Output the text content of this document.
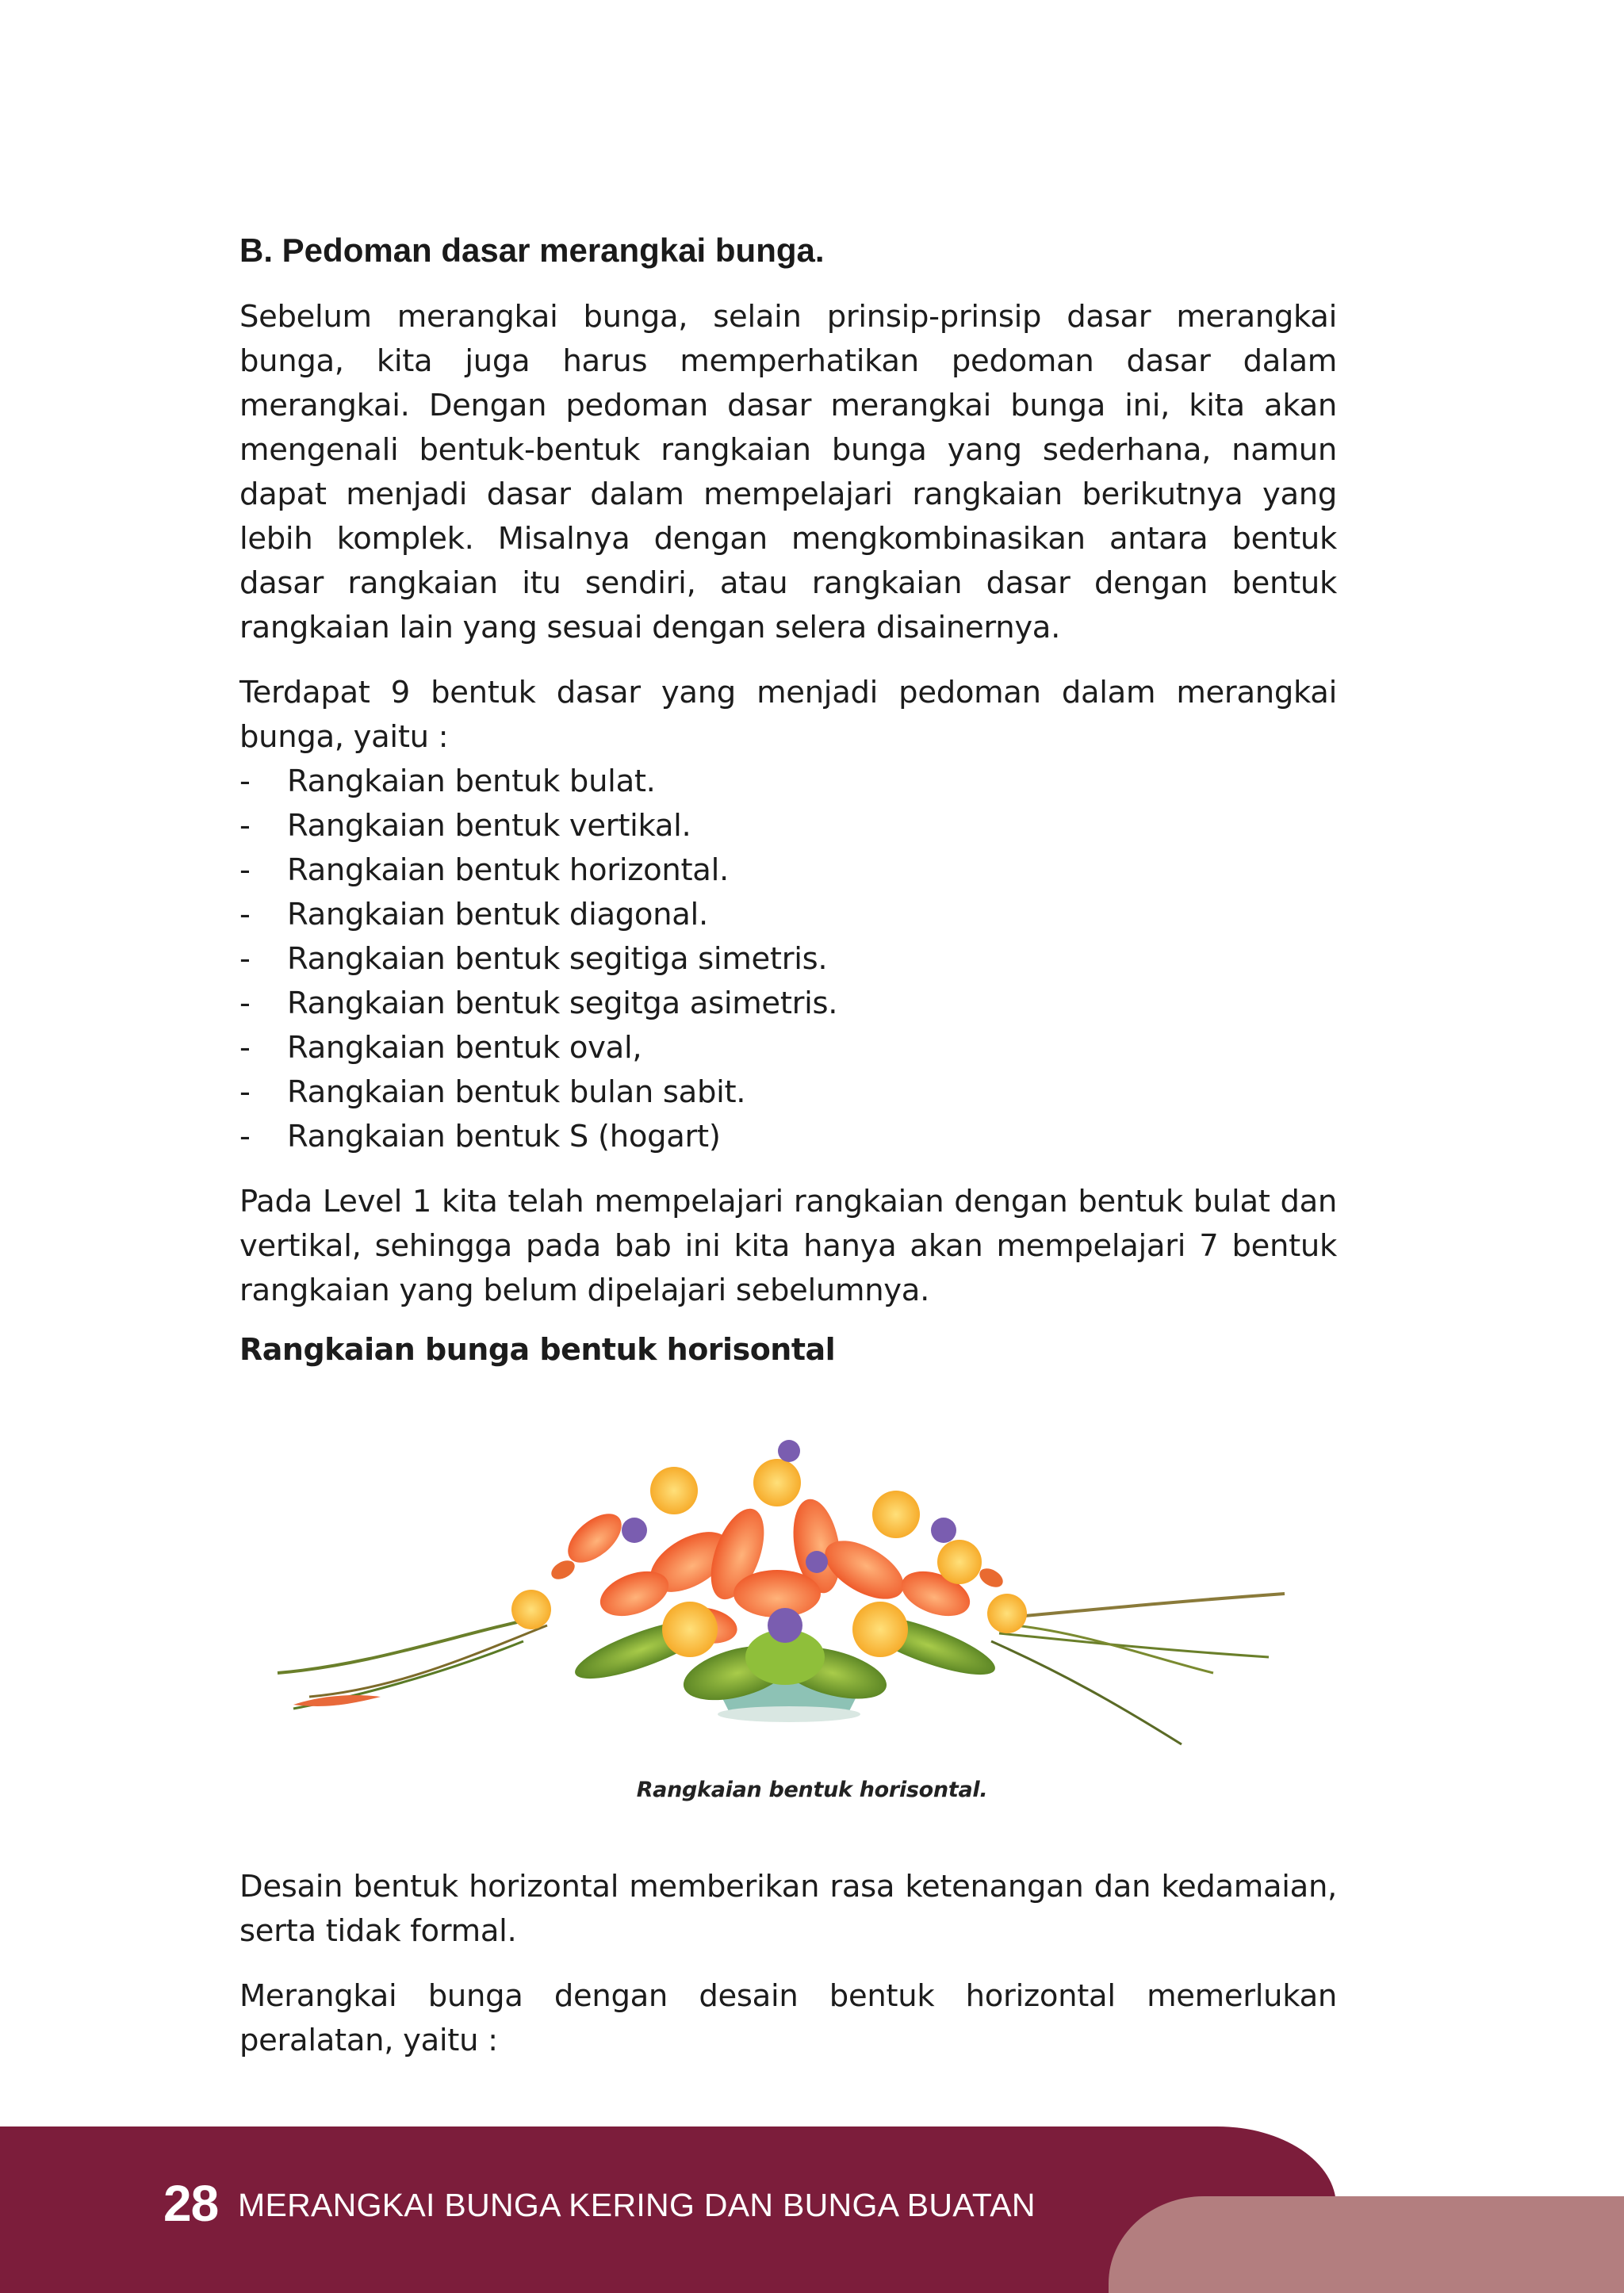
B. Pedoman dasar merangkai bunga.

Sebelum merangkai bunga, selain prinsip-prinsip dasar merangkai bunga, kita juga harus memperhatikan pedoman dasar dalam merangkai. Dengan pedoman dasar merangkai bunga ini, kita akan mengenali bentuk-bentuk rangkaian bunga yang sederhana, namun dapat menjadi dasar dalam mempelajari rangkaian berikutnya yang lebih komplek. Misalnya dengan mengkombinasikan antara bentuk dasar rangkaian itu sendiri, atau rangkaian dasar dengan bentuk rangkaian lain yang sesuai dengan selera disainernya.

Terdapat 9 bentuk dasar yang menjadi pedoman dalam merangkai bunga, yaitu :

- Rangkaian bentuk bulat.
- Rangkaian bentuk vertikal.
- Rangkaian bentuk horizontal.
- Rangkaian bentuk diagonal.
- Rangkaian bentuk segitiga simetris.
- Rangkaian bentuk segitga asimetris.
- Rangkaian bentuk oval,
- Rangkaian bentuk bulan sabit.
- Rangkaian bentuk S (hogart)

Pada Level 1 kita telah mempelajari rangkaian dengan bentuk bulat dan vertikal, sehingga pada bab ini kita hanya akan mempelajari 7 bentuk rangkaian yang belum dipelajari sebelumnya.

Rangkaian bunga bentuk horisontal
Rangkaian bentuk horisontal.

Desain bentuk horizontal memberikan rasa ketenangan dan kedamaian, serta tidak formal.

Merangkai bunga dengan desain bentuk horizontal memerlukan peralatan, yaitu :

28 MERANGKAI BUNGA KERING DAN BUNGA BUATAN
